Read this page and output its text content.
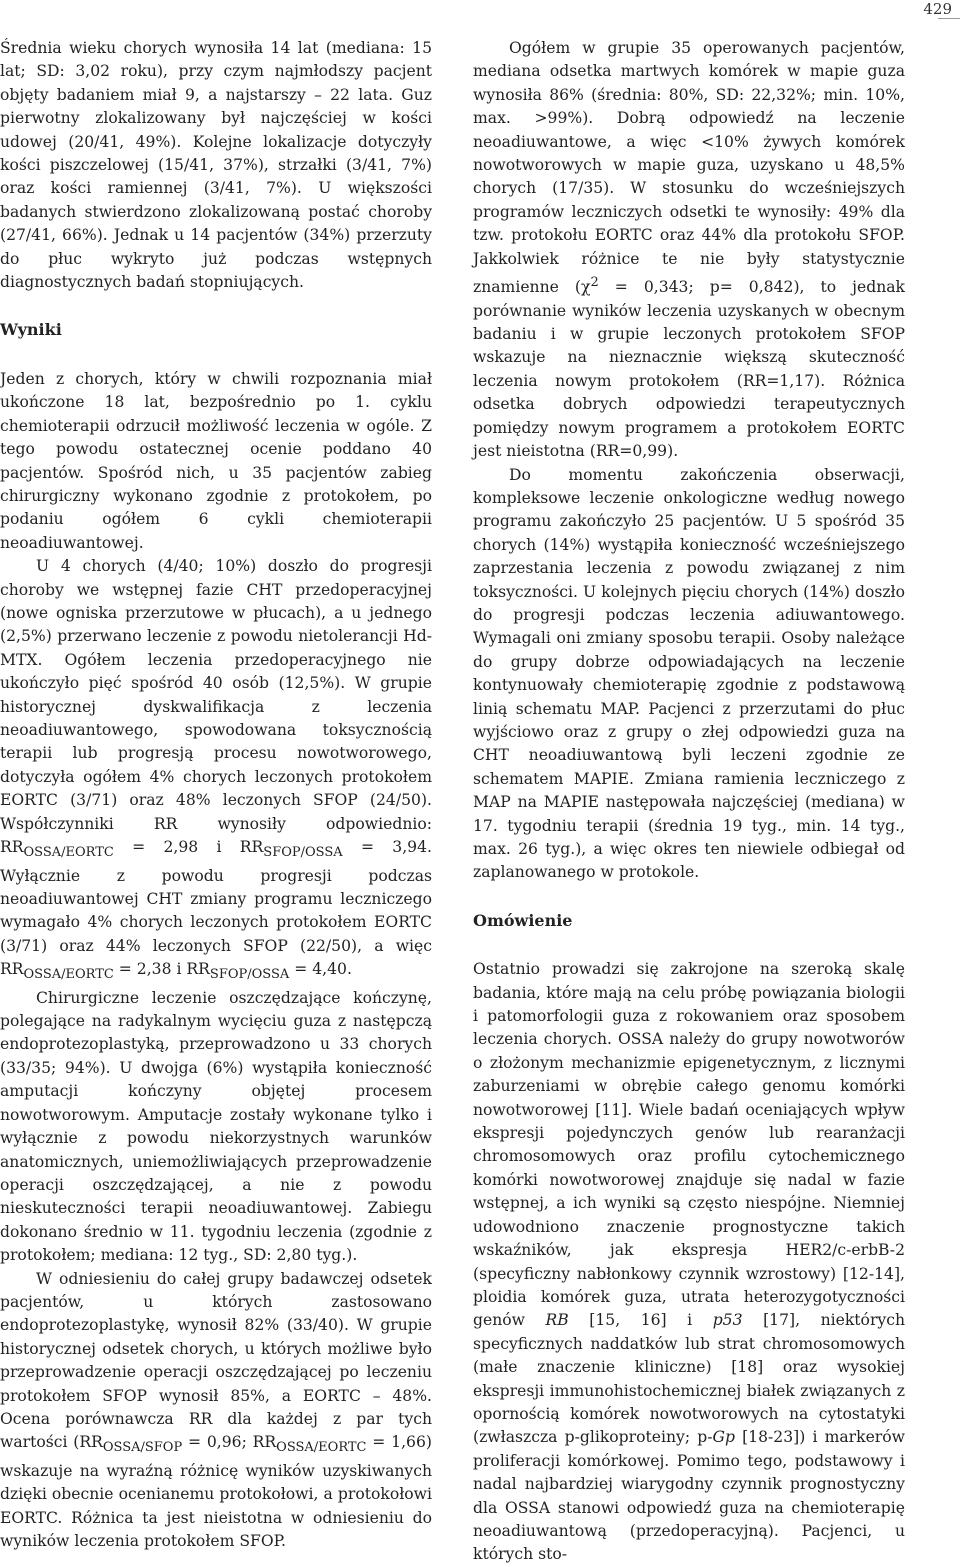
429

Średnia wieku chorych wynosiła 14 lat (mediana: 15 lat; SD: 3,02 roku), przy czym najmłodszy pacjent objęty badaniem miał 9, a najstarszy – 22 lata. Guz pierwotny zlokalizowany był najczęściej w kości udowej (20/41, 49%). Kolejne lokalizacje dotyczyły kości piszczelowej (15/41, 37%), strzałki (3/41, 7%) oraz kości ramiennej (3/41, 7%). U większości badanych stwierdzono zlokalizowaną postać choroby (27/41, 66%). Jednak u 14 pacjentów (34%) przerzuty do płuc wykryto już podczas wstępnych diagnostycznych badań stopniujących.

Wyniki

Jeden z chorych, który w chwili rozpoznania miał ukończone 18 lat, bezpośrednio po 1. cyklu chemioterapii odrzucił możliwość leczenia w ogóle. Z tego powodu ostatecznej ocenie poddano 40 pacjentów. Spośród nich, u 35 pacjentów zabieg chirurgiczny wykonano zgodnie z protokołem, po podaniu ogółem 6 cykli chemioterapii neoadiuwantowej.

U 4 chorych (4/40; 10%) doszło do progresji choroby we wstępnej fazie CHT przedoperacyjnej (nowe ogniska przerzutowe w płucach), a u jednego (2,5%) przerwano leczenie z powodu nietolerancji Hd-MTX. Ogółem leczenia przedoperacyjnego nie ukończyło pięć spośród 40 osób (12,5%). W grupie historycznej dyskwalifikacja z leczenia neoadiuwantowego, spowodowana toksycznością terapii lub progresją procesu nowotworowego, dotyczyła ogółem 4% chorych leczonych protokołem EORTC (3/71) oraz 48% leczonych SFOP (24/50). Współczynniki RR wynosiły odpowiednio: $RR_{OSSA/EORTC} = 2,98$ i $RR_{SFOP/OSSA} = 3,94$. Wyłącznie z powodu progresji podczas neoadiuwantowej CHT zmiany programu leczniczego wymagało 4% chorych leczonych protokołem EORTC (3/71) oraz 44% leczonych SFOP (22/50), a więc $RR_{OSSA/EORTC} = 2,38$ i $RR_{SFOP/OSSA} = 4,40$.

Chirurgiczne leczenie oszczędzające kończynę, polegające na radykalnym wycięciu guza z następczą endoprotezoplastyką, przeprowadzono u 33 chorych (33/35; 94%). U dwojga (6%) wystąpiła konieczność amputacji kończyny objętej procesem nowotworowym. Amputacje zostały wykonane tylko i wyłącznie z powodu niekorzystnych warunków anatomicznych, uniemożliwiających przeprowadzenie operacji oszczędzającej, a nie z powodu nieskuteczności terapii neoadiuwantowej. Zabiegu dokonano średnio w 11. tygodniu leczenia (zgodnie z protokołem; mediana: 12 tyg., SD: 2,80 tyg.).

W odniesieniu do całej grupy badawczej odsetek pacjentów, u których zastosowano endoprotezoplastykę, wynosił 82% (33/40). W grupie historycznej odsetek chorych, u których możliwe było przeprowadzenie operacji oszczędzającej po leczeniu protokołem SFOP wynosił 85%, a EORTC – 48%. Ocena porównawcza RR dla każdej z par tych wartości ($RR_{OSSA/SFOP} = 0,96$; $RR_{OSSA/EORTC} = 1,66$) wskazuje na wyraźną różnicę wyników uzyskiwanych dzięki obecnie ocenianemu protokołowi, a protokołowi EORTC. Różnica ta jest nieistotna w odniesieniu do wyników leczenia protokołem SFOP.

Ogółem w grupie 35 operowanych pacjentów, mediana odsetka martwych komórek w mapie guza wynosiła 86% (średnia: 80%, SD: 22,32%; min. 10%, max. >99%). Dobrą odpowiedź na leczenie neoadiuwantowe, a więc <10% żywych komórek nowotworowych w mapie guza, uzyskano u 48,5% chorych (17/35). W stosunku do wcześniejszych programów leczniczych odsetki te wynosiły: 49% dla tzw. protokołu EORTC oraz 44% dla protokołu SFOP. Jakkolwiek różnice te nie były statystycznie znamienne ($\chi^2 = 0,343$; p= 0,842), to jednak porównanie wyników leczenia uzyskanych w obecnym badaniu i w grupie leczonych protokołem SFOP wskazuje na nieznacznie większą skuteczność leczenia nowym protokołem (RR=1,17). Różnica odsetka dobrych odpowiedzi terapeutycznych pomiędzy nowym programem a protokołem EORTC jest nieistotna (RR=0,99).

Do momentu zakończenia obserwacji, kompleksowe leczenie onkologiczne według nowego programu zakończyło 25 pacjentów. U 5 spośród 35 chorych (14%) wystąpiła konieczność wcześniejszego zaprzestania leczenia z powodu związanej z nim toksyczności. U kolejnych pięciu chorych (14%) doszło do progresji podczas leczenia adiuwantowego. Wymagali oni zmiany sposobu terapii. Osoby należące do grupy dobrze odpowiadających na leczenie kontynuowały chemioterapię zgodnie z podstawową linią schematu MAP. Pacjenci z przerzutami do płuc wyjściowo oraz z grupy o złej odpowiedzi guza na CHT neoadiuwantową byli leczeni zgodnie ze schematem MAPIE. Zmiana ramienia leczniczego z MAP na MAPIE następowała najczęściej (mediana) w 17. tygodniu terapii (średnia 19 tyg., min. 14 tyg., max. 26 tyg.), a więc okres ten niewiele odbiegał od zaplanowanego w protokole.

Omówienie

Ostatnio prowadzi się zakrojone na szeroką skalę badania, które mają na celu próbę powiązania biologii i patomorfologii guza z rokowaniem oraz sposobem leczenia chorych. OSSA należy do grupy nowotworów o złożonym mechanizmie epigenetycznym, z licznymi zaburzeniami w obrębie całego genomu komórki nowotworowej [11]. Wiele badań oceniających wpływ ekspresji pojedynczych genów lub rearanżacji chromosomowych oraz profilu cytochemicznego komórki nowotworowej znajduje się nadal w fazie wstępnej, a ich wyniki są często niespójne. Niemniej udowodniono znaczenie prognostyczne takich wskaźników, jak ekspresja HER2/c-erbB-2 (specyficzny nabłonkowy czynnik wzrostowy) [12-14], ploidia komórek guza, utrata heterozygotyczności genów RB [15, 16] i p53 [17], niektórych specyficznych naddatków lub strat chromosomowych (małe znaczenie kliniczne) [18] oraz wysokiej ekspresji immunohistochemicznej białek związanych z opornością komórek nowotworowych na cytostatyki (zwłaszcza p-glikoproteiny; p-Gp [18-23]) i markerów proliferacji komórkowej. Pomimo tego, podstawowy i nadal najbardziej wiarygodny czynnik prognostyczny dla OSSA stanowi odpowiedź guza na chemioterapię neoadiuwantową (przedoperacyjną). Pacjenci, u których sto-
